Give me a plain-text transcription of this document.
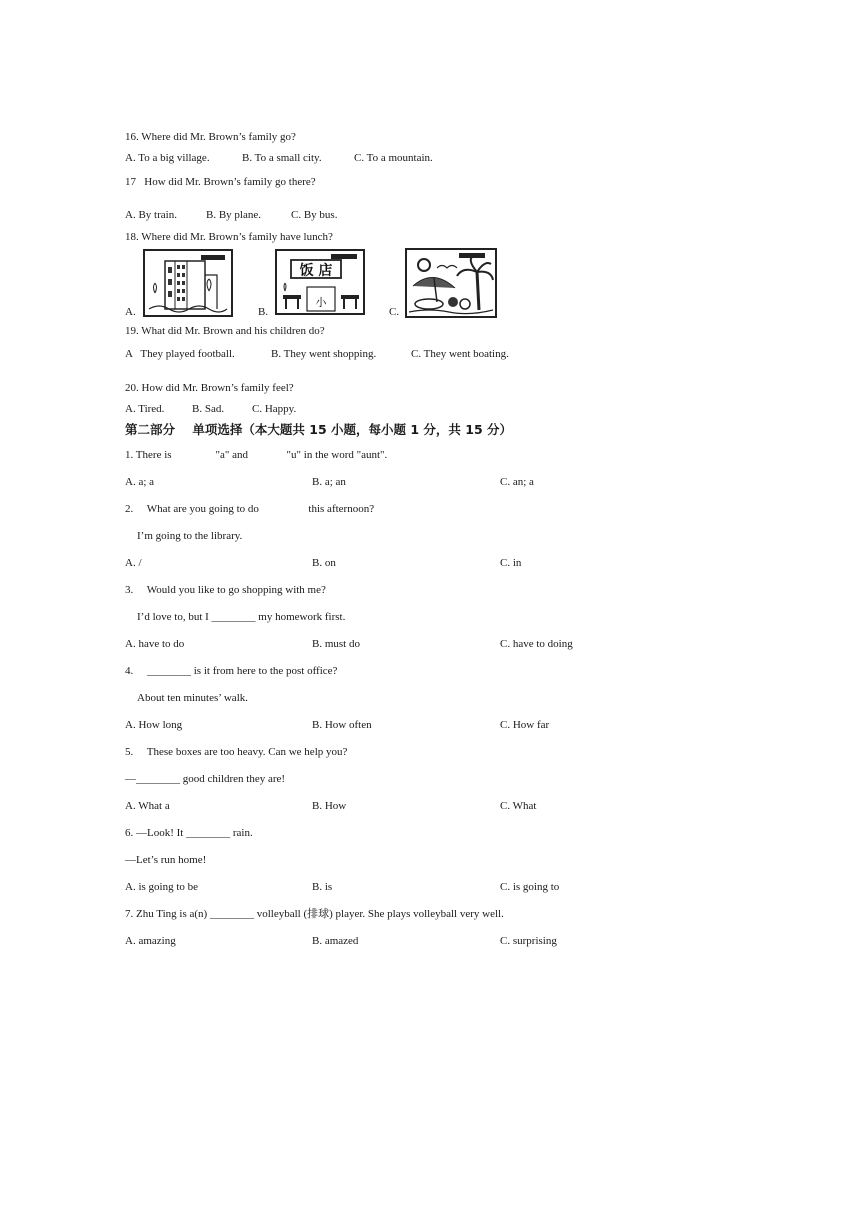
16. Where did Mr. Brown’s family go?
A. To a big village.	B. To a small city.	C. To a mountain.
17   How did Mr. Brown’s family go there?
A. By train.	B. By plane.	C. By bus.
18. Where did Mr. Brown’s family have lunch?
A.	B.
饭 店
小
C.
19. What did Mr. Brown and his children do?
A   They played football.	B. They went shopping.	C. They went boating.
20. How did Mr. Brown’s family feel?
A. Tired.	B. Sad.	C. Happy.
第二部分    单项选择（本大题共 15 小题，每小题 1 分，共 15 分）
1. There is                "a" and              "u" in the word "aunt".
A. a; a	B. a; an	C. an; a
2.     What are you going to do                  this afternoon?
I’m going to the library.
A. /	B. on	C. in
3.     Would you like to go shopping with me?
I’d love to, but I ________ my homework first.
A. have to do	B. must do	C. have to doing
4.     ________ is it from here to the post office?
About ten minutes’ walk.
A. How long	B. How often	C. How far
5.     These boxes are too heavy. Can we help you?
—________ good children they are!
A. What a	B. How	C. What
6. —Look! It ________ rain.
—Let’s run home!
A. is going to be	B. is	C. is going to
7. Zhu Ting is a(n) ________ volleyball (排球) player. She plays volleyball very well.
A. amazing	B. amazed	C. surprising
